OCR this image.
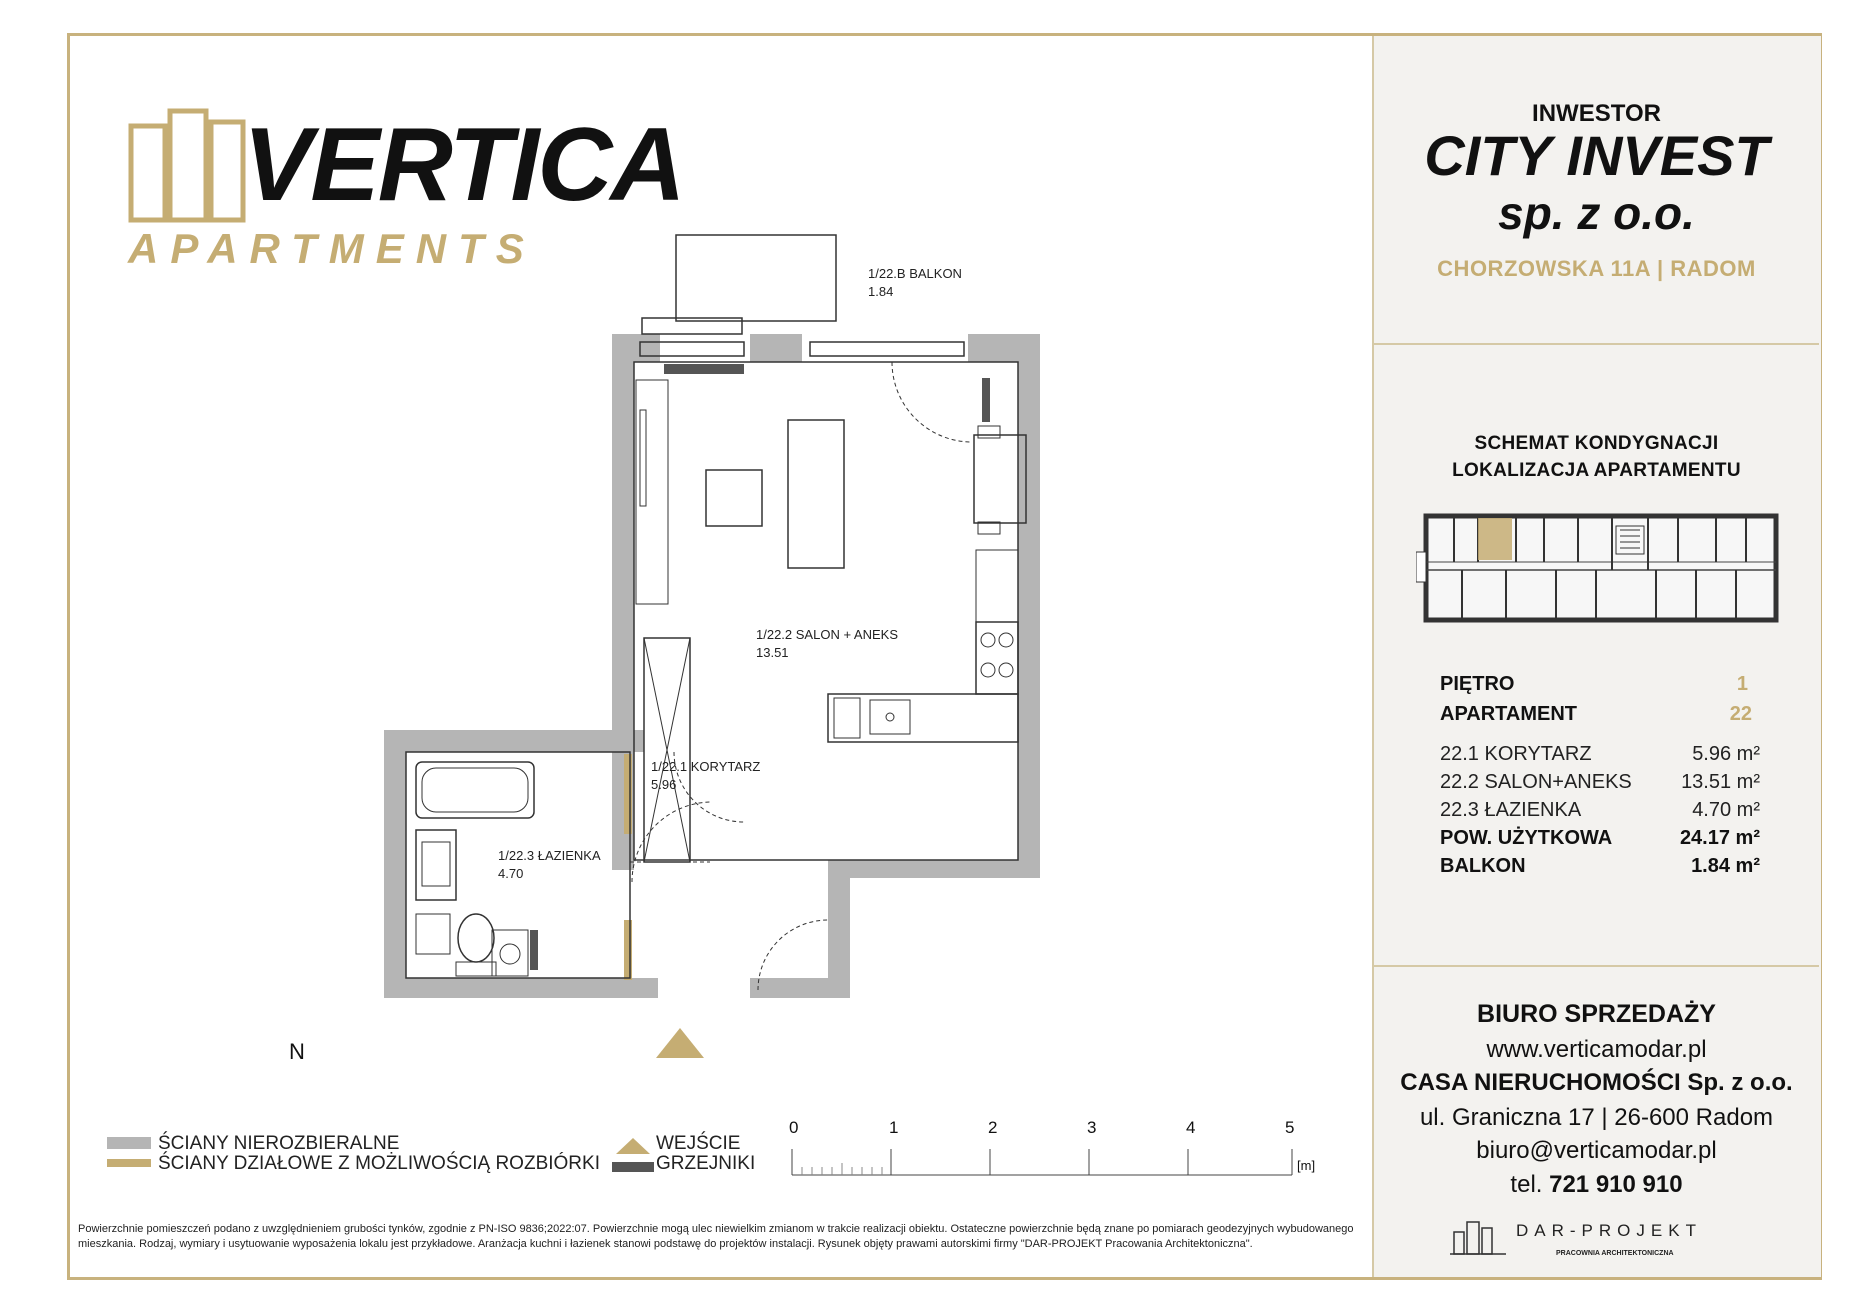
VERTICA
APARTMENTS
INWESTOR
CITY INVEST
sp. z o.o.
CHORZOWSKA 11A | RADOM
SCHEMAT KONDYGNACJI
LOKALIZACJA APARTAMENTU
PIĘTRO	1
APARTAMENT	22
22.1 KORYTARZ	5.96 m²
22.2 SALON+ANEKS 13.51 m²
22.3 ŁAZIENKA	4.70 m²
POW. UŻYTKOWA	24.17 m²
BALKON	1.84 m²
BIURO SPRZEDAŻY
www.verticamodar.pl
CASA NIERUCHOMOŚCI Sp. z o.o.
ul. Graniczna 17 | 26-600 Radom
biuro@verticamodar.pl
tel. 721 910 910
DAR-PROJEKT
PRACOWNIA ARCHITEKTONICZNA
1/22.B BALKON
1.84
1/22.2 SALON + ANEKS
13.51
1/22.1 KORYTARZ
5.96
1/22.3 ŁAZIENKA
4.70
N
ŚCIANY NIEROZBIERALNE
ŚCIANY DZIAŁOWE Z MOŻLIWOŚCIĄ ROZBIÓRKI
WEJŚCIE
GRZEJNIKI
0	1	2	3	4	5
[m]
Powierzchnie pomieszczeń podano z uwzględnieniem grubości tynków, zgodnie z PN-ISO 9836;2022:07. Powierzchnie mogą ulec niewielkim zmianom w trakcie realizacji obiektu. Ostateczne powierzchnie będą znane po pomiarach geodezyjnych wybudowanego mieszkania. Rodzaj, wymiary i usytuowanie wyposażenia lokalu jest przykładowe. Aranżacja kuchni i łazienek stanowi podstawę do projektów instalacji. Rysunek objęty prawami autorskimi firmy "DAR-PROJEKT Pracowania Architektoniczna".
